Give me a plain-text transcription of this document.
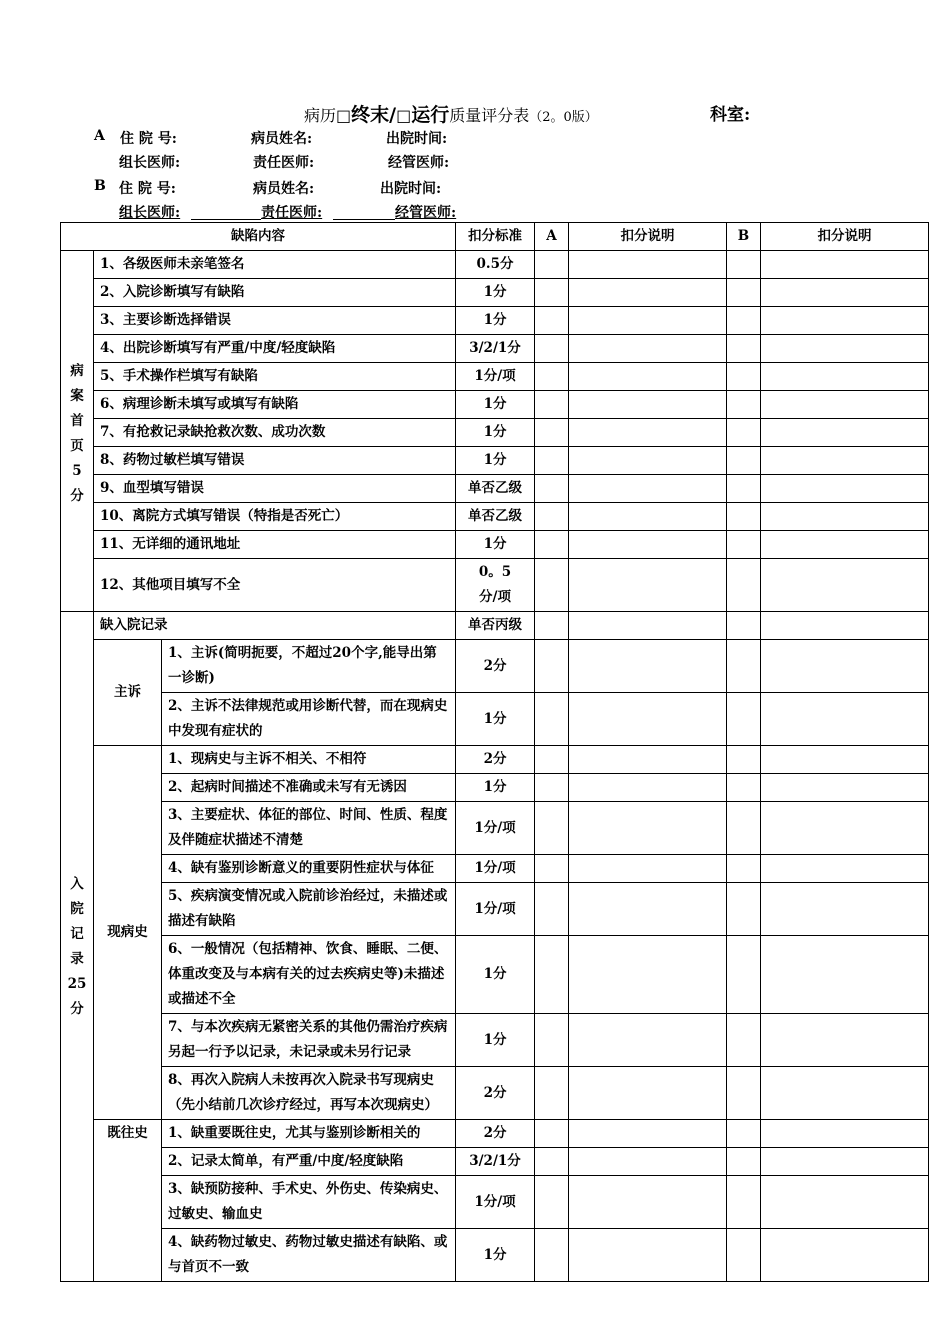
病历□终末/□运行质量评分表（2。0版）	科室:
A 住 院 号:	病员姓名:	出院时间:
组长医师:	责任医师:	经管医师:
B 住 院 号:	病员姓名:	出院时间:
组长医师:	责任医师:	经管医师:
缺陷内容			扣分标准	A	扣分说明	B	扣分说明
病案首页5分	1、各级医师未亲笔签名		0.5分				
	2、入院诊断填写有缺陷		1分				
	3、主要诊断选择错误		1分				
	4、出院诊断填写有严重/中度/轻度缺陷		3/2/1分				
	5、手术操作栏填写有缺陷		1分/项				
	6、病理诊断未填写或填写有缺陷		1分				
	7、有抢救记录缺抢救次数、成功次数		1分				
	8、药物过敏栏填写错误		1分				
	9、血型填写错误		单否乙级				
	10、离院方式填写错误（特指是否死亡）		单否乙级				
	11、无详细的通讯地址		1分				
	12、其他项目填写不全		0。5分/项				
入院记录25分	缺入院记录		单否丙级				
	主诉	1、主诉(简明扼要，不超过20个字,能导出第一诊断)	2分				
		2、主诉不法律规范或用诊断代替，而在现病史中发现有症状的	1分				
	现病史	1、现病史与主诉不相关、不相符	2分				
		2、起病时间描述不准确或未写有无诱因	1分				
		3、主要症状、体征的部位、时间、性质、程度及伴随症状描述不清楚	1分/项				
		4、缺有鉴别诊断意义的重要阴性症状与体征	1分/项				
		5、疾病演变情况或入院前诊治经过，未描述或描述有缺陷	1分/项				
		6、一般情况（包括精神、饮食、睡眠、二便、体重改变及与本病有关的过去疾病史等)未描述或描述不全	1分				
		7、与本次疾病无紧密关系的其他仍需治疗疾病另起一行予以记录，未记录或未另行记录	1分				
		8、再次入院病人未按再次入院录书写现病史（先小结前几次诊疗经过，再写本次现病史）	2分				
	既往史	1、缺重要既往史，尤其与鉴别诊断相关的	2分				
		2、记录太简单，有严重/中度/轻度缺陷	3/2/1分				
		3、缺预防接种、手术史、外伤史、传染病史、过敏史、输血史	1分/项				
		4、缺药物过敏史、药物过敏史描述有缺陷、或与首页不一致	1分				
